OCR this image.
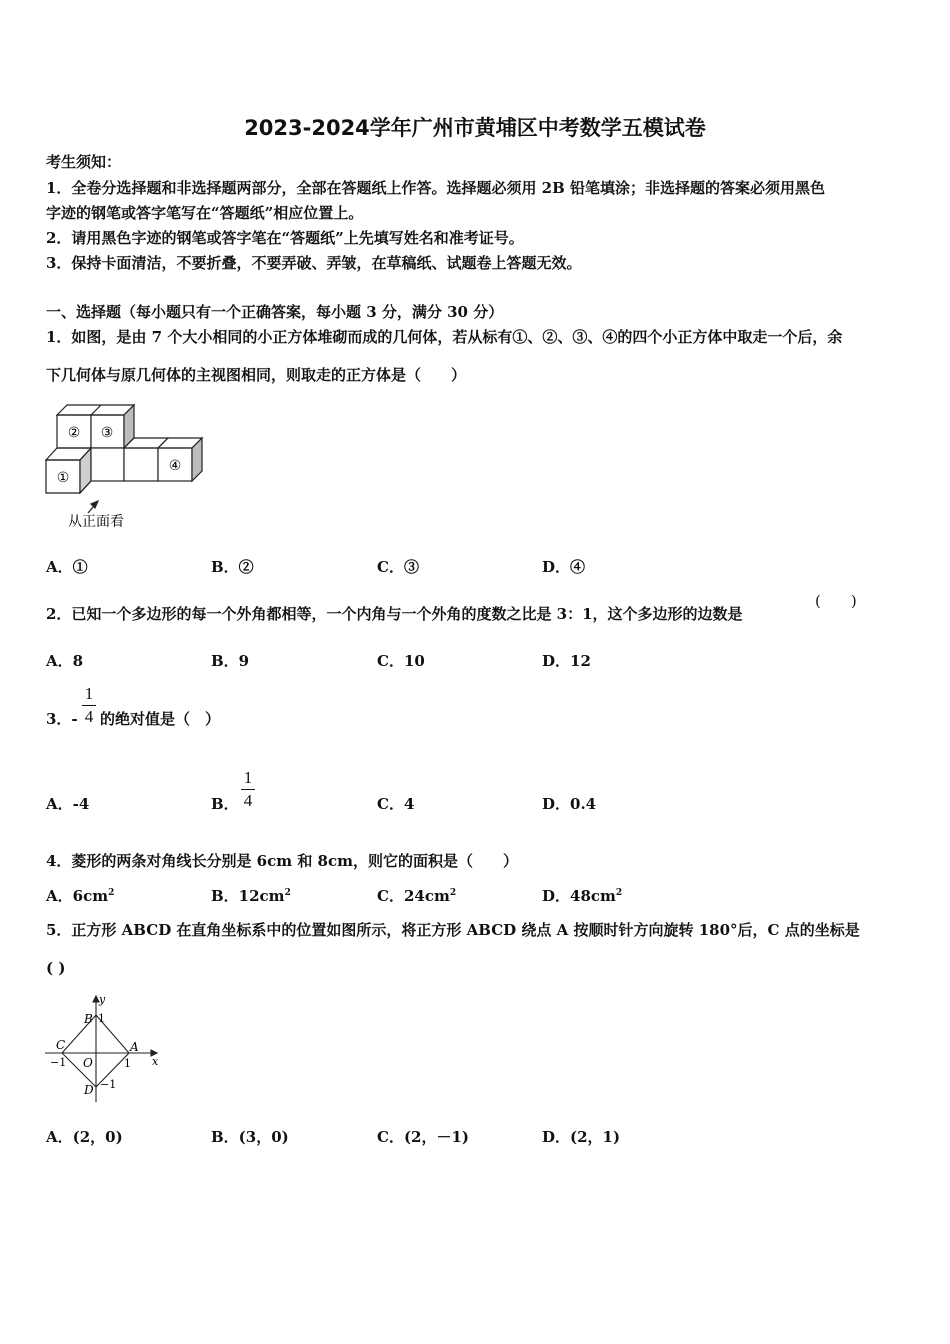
2023-2024学年广州市黄埔区中考数学五模试卷
考生须知：
1．全卷分选择题和非选择题两部分，全部在答题纸上作答。选择题必须用 2B 铅笔填涂；非选择题的答案必须用黑色
字迹的钢笔或答字笔写在“答题纸”相应位置上。
2．请用黑色字迹的钢笔或答字笔在“答题纸”上先填写姓名和准考证号。
3．保持卡面清洁，不要折叠，不要弄破、弄皱，在草稿纸、试题卷上答题无效。
一、选择题（每小题只有一个正确答案，每小题 3 分，满分 30 分）
1．如图，是由 7 个大小相同的小正方体堆砌而成的几何体，若从标有①、②、③、④的四个小正方体中取走一个后，余
下几何体与原几何体的主视图相同，则取走的正方体是（　　）
② ③
①
④
从正面看
A．①	B．②	C．③	D．④
2．已知一个多边形的每一个外角都相等，一个内角与一个外角的度数之比是 3：1，这个多边形的边数是
(　　)
A．8	B．9	C．10	D．12
3．-
1
4 的绝对值是（　）
A．-4	B．
1
4	C．4	D．0.4
4．菱形的两条对角线长分别是 6cm 和 8cm，则它的面积是（　　）
A．$6cm^2$	B．$12cm^2$	C．$24cm^2$	D．$48cm^2$
5．正方形 ABCD 在直角坐标系中的位置如图所示，将正方形 ABCD 绕点 A 按顺时针方向旋转 180°后，C 点的坐标是
( )
y
x
B 1
A
1
C
−1 O
D −1
A．(2，0)	B．(3，0)	C．(2，－1)	D．(2，1)
